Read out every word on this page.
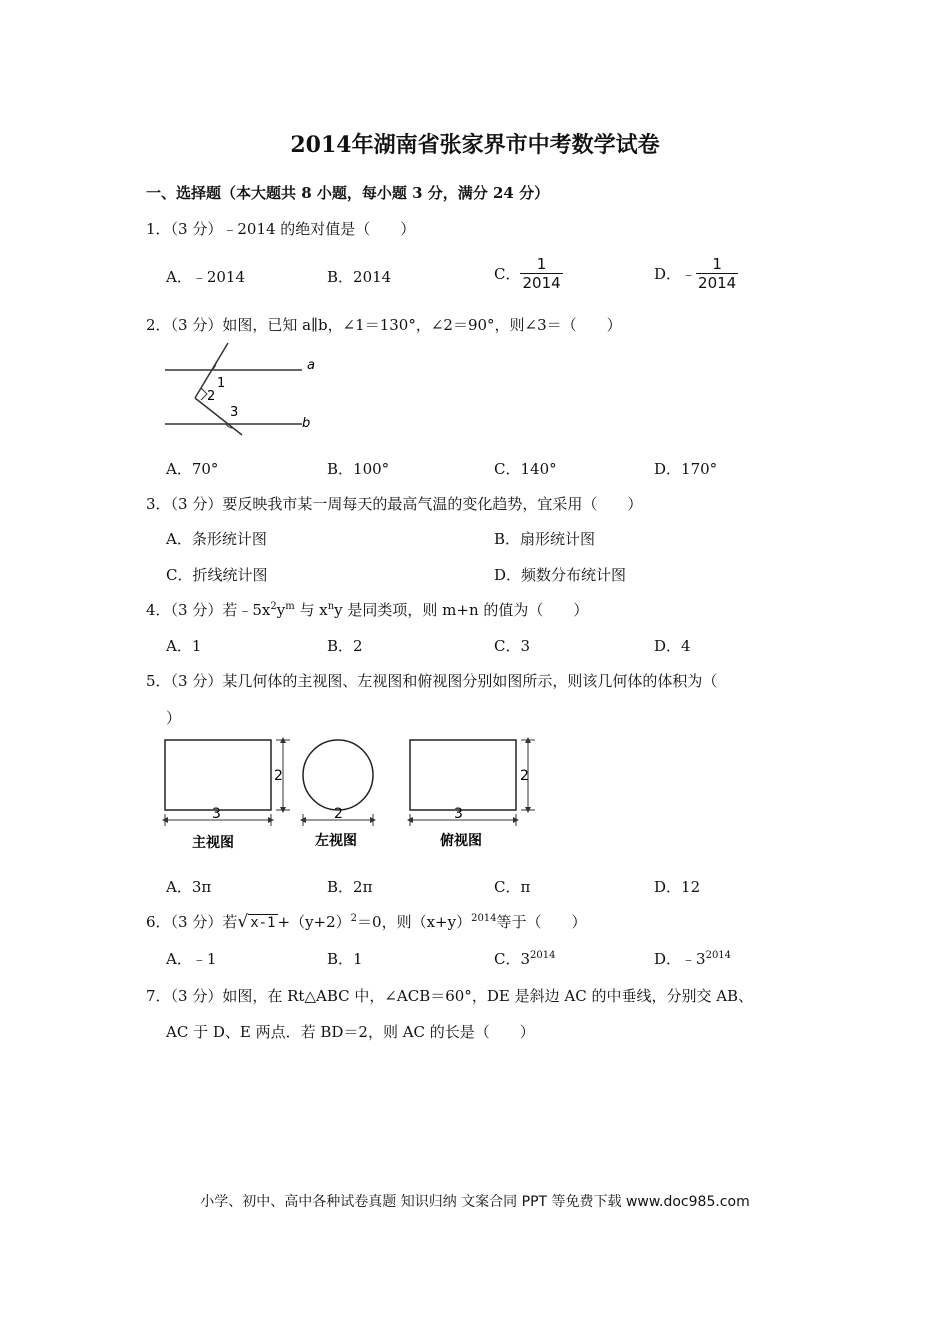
2014年湖南省张家界市中考数学试卷
一、选择题（本大题共 8 小题，每小题 3 分，满分 24 分）
1．（3 分）﹣2014 的绝对值是（　　）
A．﹣2014	B．2014	C． $\frac{1}{2014}$	D．﹣ $\frac{1}{2014}$
2．（3 分）如图，已知 a∥b，∠1＝130°，∠2＝90°，则∠3＝（　　）
a
b
1
2
3
A．70°	B．100°	C．140°	D．170°
3．（3 分）要反映我市某一周每天的最高气温的变化趋势，宜采用（　　）
A．条形统计图	B．扇形统计图
C．折线统计图	D．频数分布统计图
4．（3 分）若$﹣5x^2y^m$ 与 $x^ny$ 是同类项，则 m+n 的值为（　　）
A．1	B．2	C．3	D．4
5．（3 分）某几何体的主视图、左视图和俯视图分别如图所示，则该几何体的体积为（
）
2
3
主视图
2
左视图
2
3
俯视图
A．3π	B．2π	C．π	D．12
6．（3 分）若√ $x-1 +(y+2)^2=0$，则$(x+y)^{2014}$等于（　　）
A．﹣1	B．1	C．$3^{2014}$	D．$﹣3^{2014}$
7．（3 分）如图，在 Rt△ABC 中，∠ACB＝60°，DE 是斜边 AC 的中垂线，分别交 AB、
AC 于 D、E 两点．若 BD＝2，则 AC 的长是（　　）
小学、初中、高中各种试卷真题 知识归纳 文案合同 PPT 等免费下载 www.doc985.com
